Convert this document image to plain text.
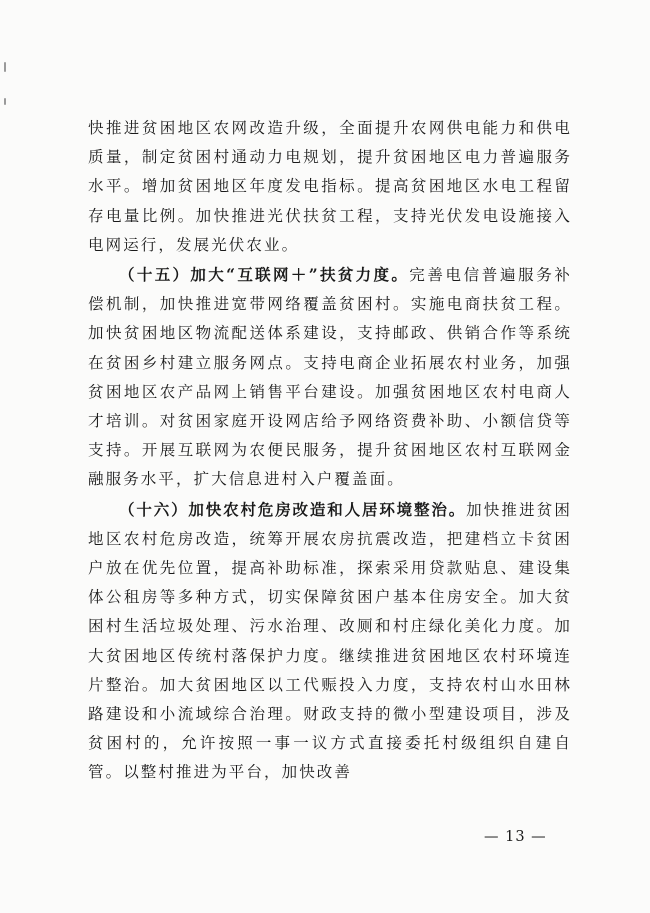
快推进贫困地区农网改造升级，全面提升农网供电能力和供电质量，制定贫困村通动力电规划，提升贫困地区电力普遍服务水平。增加贫困地区年度发电指标。提高贫困地区水电工程留存电量比例。加快推进光伏扶贫工程，支持光伏发电设施接入电网运行，发展光伏农业。

（十五）加大“互联网＋”扶贫力度。完善电信普遍服务补偿机制，加快推进宽带网络覆盖贫困村。实施电商扶贫工程。加快贫困地区物流配送体系建设，支持邮政、供销合作等系统在贫困乡村建立服务网点。支持电商企业拓展农村业务，加强贫困地区农产品网上销售平台建设。加强贫困地区农村电商人才培训。对贫困家庭开设网店给予网络资费补助、小额信贷等支持。开展互联网为农便民服务，提升贫困地区农村互联网金融服务水平，扩大信息进村入户覆盖面。

（十六）加快农村危房改造和人居环境整治。加快推进贫困地区农村危房改造，统筹开展农房抗震改造，把建档立卡贫困户放在优先位置，提高补助标准，探索采用贷款贴息、建设集体公租房等多种方式，切实保障贫困户基本住房安全。加大贫困村生活垃圾处理、污水治理、改厕和村庄绿化美化力度。加大贫困地区传统村落保护力度。继续推进贫困地区农村环境连片整治。加大贫困地区以工代赈投入力度，支持农村山水田林路建设和小流域综合治理。财政支持的微小型建设项目，涉及贫困村的，允许按照一事一议方式直接委托村级组织自建自管。以整村推进为平台，加快改善

— 13 —
